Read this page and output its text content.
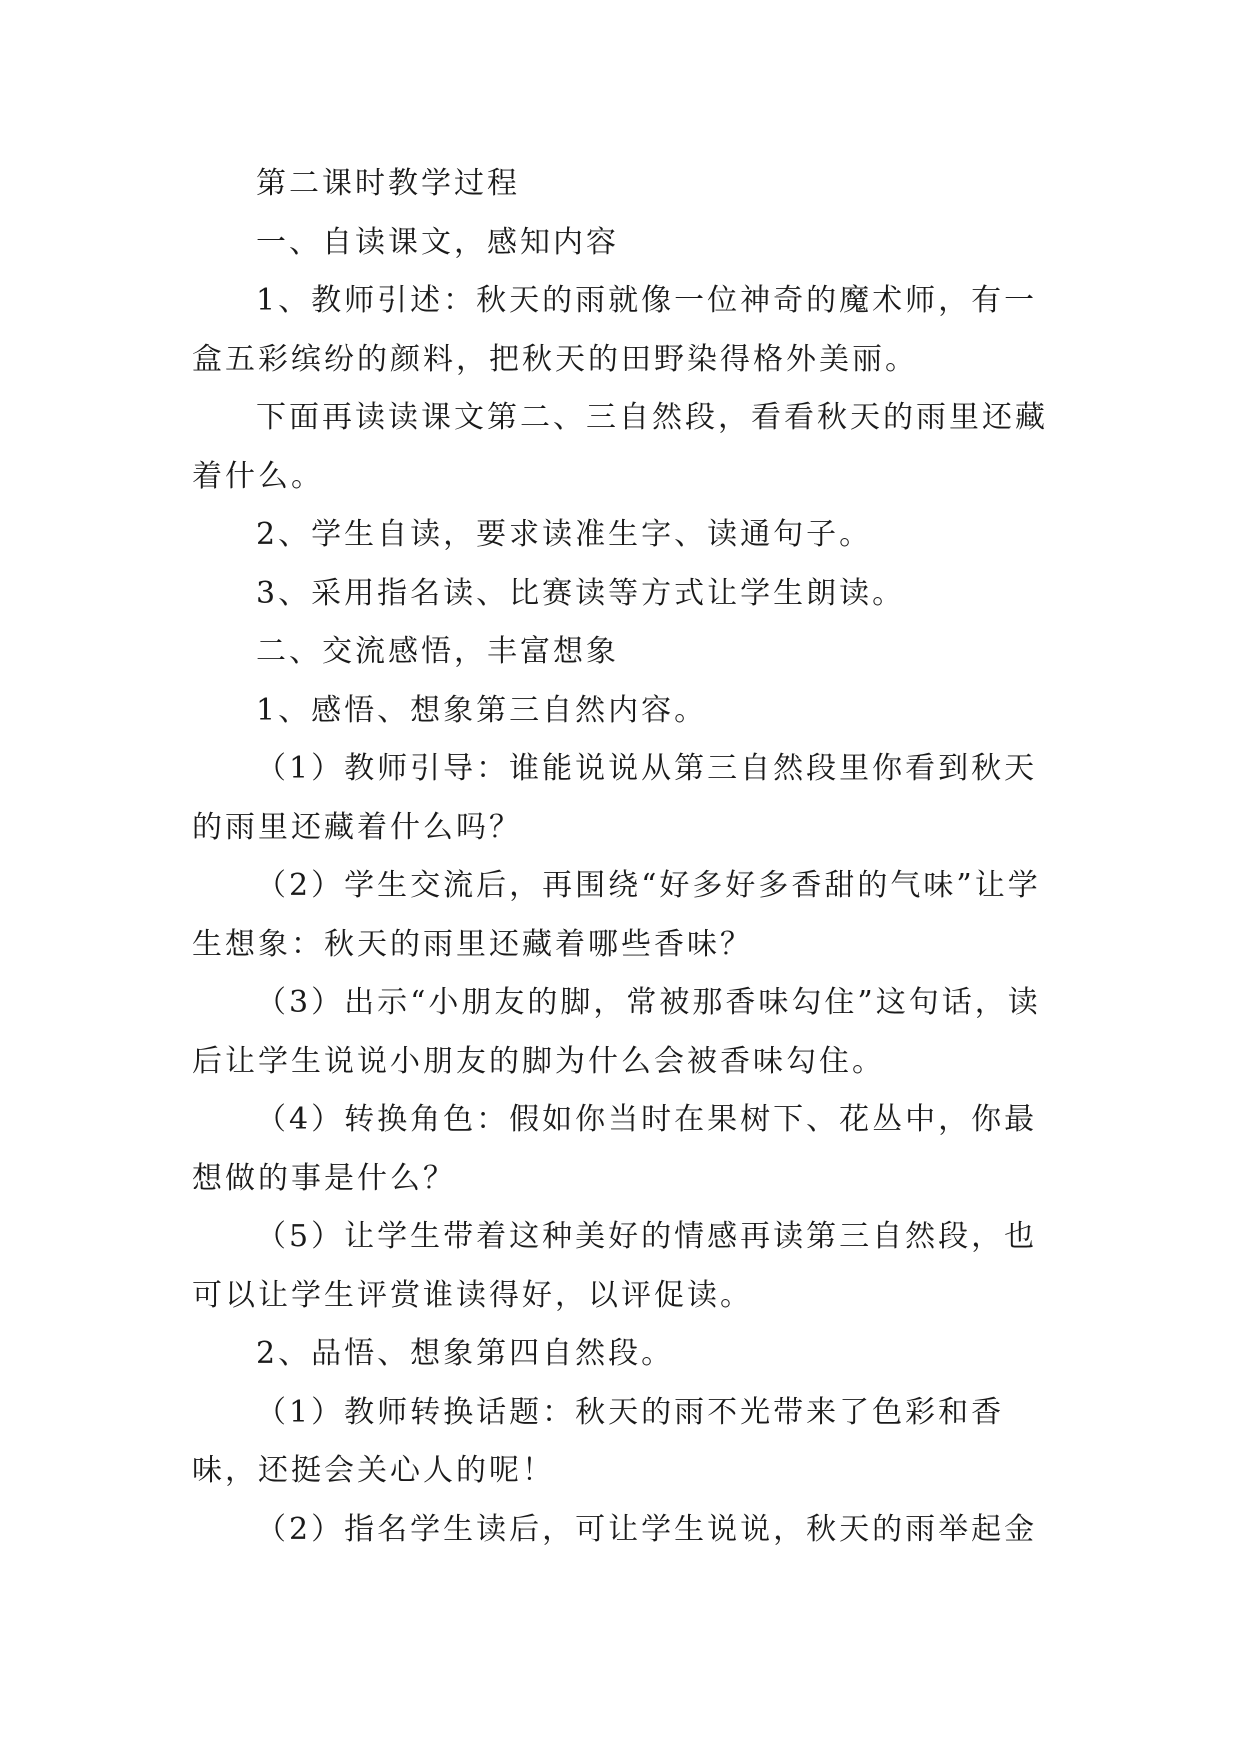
第二课时教学过程

一、自读课文，感知内容

1、教师引述：秋天的雨就像一位神奇的魔术师，有一盒五彩缤纷的颜料，把秋天的田野染得格外美丽。

下面再读读课文第二、三自然段，看看秋天的雨里还藏着什么。

2、学生自读，要求读准生字、读通句子。

3、采用指名读、比赛读等方式让学生朗读。

二、交流感悟，丰富想象

1、感悟、想象第三自然内容。

（1）教师引导：谁能说说从第三自然段里你看到秋天的雨里还藏着什么吗？

（2）学生交流后，再围绕“好多好多香甜的气味”让学生想象：秋天的雨里还藏着哪些香味？

（3）出示“小朋友的脚，常被那香味勾住”这句话，读后让学生说说小朋友的脚为什么会被香味勾住。

（4）转换角色：假如你当时在果树下、花丛中，你最想做的事是什么？

（5）让学生带着这种美好的情感再读第三自然段，也可以让学生评赏谁读得好，以评促读。

2、品悟、想象第四自然段。

（1）教师转换话题：秋天的雨不光带来了色彩和香味，还挺会关心人的呢！

（2）指名学生读后，可让学生说说，秋天的雨举起金
